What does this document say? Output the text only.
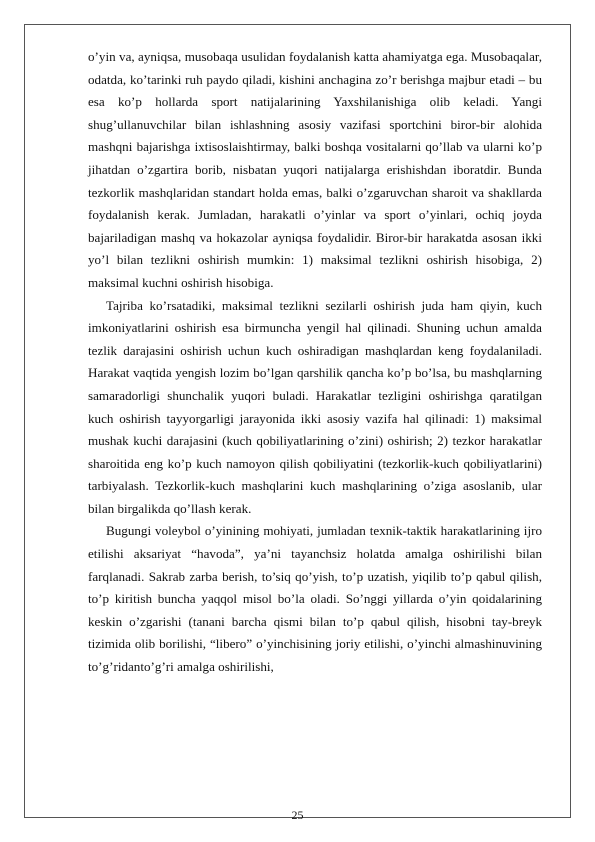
o’yin va, ayniqsa, musobaqa usulidan foydalanish katta ahamiyatga ega. Musobaqalar, odatda, ko’tarinki ruh paydo qiladi, kishini anchagina zo’r berishga majbur etadi – bu esa ko’p hollarda sport natijalarining Yaxshilanishiga olib keladi. Yangi shug’ullanuvchilar bilan ishlashning asosiy vazifasi sportchini biror-bir alohida mashqni bajarishga ixtisoslaishtirmay, balki boshqa vositalarni qo’llab va ularni ko’p jihatdan o’zgartira borib, nisbatan yuqori natijalarga erishishdan iboratdir. Bunda tezkorlik mashqlaridan standart holda emas, balki o’zgaruvchan sharoit va shakllarda foydalanish kerak. Jumladan, harakatli o’yinlar va sport o’yinlari, ochiq joyda bajariladigan mashq va hokazolar ayniqsa foydalidir. Biror-bir harakatda asosan ikki yo’l bilan tezlikni oshirish mumkin: 1) maksimal tezlikni oshirish hisobiga, 2) maksimal kuchni oshirish hisobiga.

Tajriba ko’rsatadiki, maksimal tezlikni sezilarli oshirish juda ham qiyin, kuch imkoniyatlarini oshirish esa birmuncha yengil hal qilinadi. Shuning uchun amalda tezlik darajasini oshirish uchun kuch oshiradigan mashqlardan keng foydalaniladi. Harakat vaqtida yengish lozim bo’lgan qarshilik qancha ko’p bo’lsa, bu mashqlarning samaradorligi shunchalik yuqori buladi. Harakatlar tezligini oshirishga qaratilgan kuch oshirish tayyorgarligi jarayonida ikki asosiy vazifa hal qilinadi: 1) maksimal mushak kuchi darajasini (kuch qobiliyatlarining o’zini) oshirish; 2) tezkor harakatlar sharoitida eng ko’p kuch namoyon qilish qobiliyatini (tezkorlik-kuch qobiliyatlarini) tarbiyalash. Tezkorlik-kuch mashqlarini kuch mashqlarining o’ziga asoslanib, ular bilan birgalikda qo’llash kerak.

Bugungi voleybol o’yinining mohiyati, jumladan texnik-taktik harakatlarining ijro etilishi aksariyat “havoda”, ya’ni tayanchsiz holatda amalga oshirilishi bilan farqlanadi. Sakrab zarba berish, to’siq qo’yish, to’p uzatish, yiqilib to’p qabul qilish, to’p kiritish buncha yaqqol misol bo’la oladi. So’nggi yillarda o’yin qoidalarining keskin o’zgarishi (tanani barcha qismi bilan to’p qabul qilish, hisobni tay-breyk tizimida olib borilishi, “libero” o’yinchisining joriy etilishi, o’yinchi almashinuvining to’g’ridanto’g’ri amalga oshirilishi,

25
